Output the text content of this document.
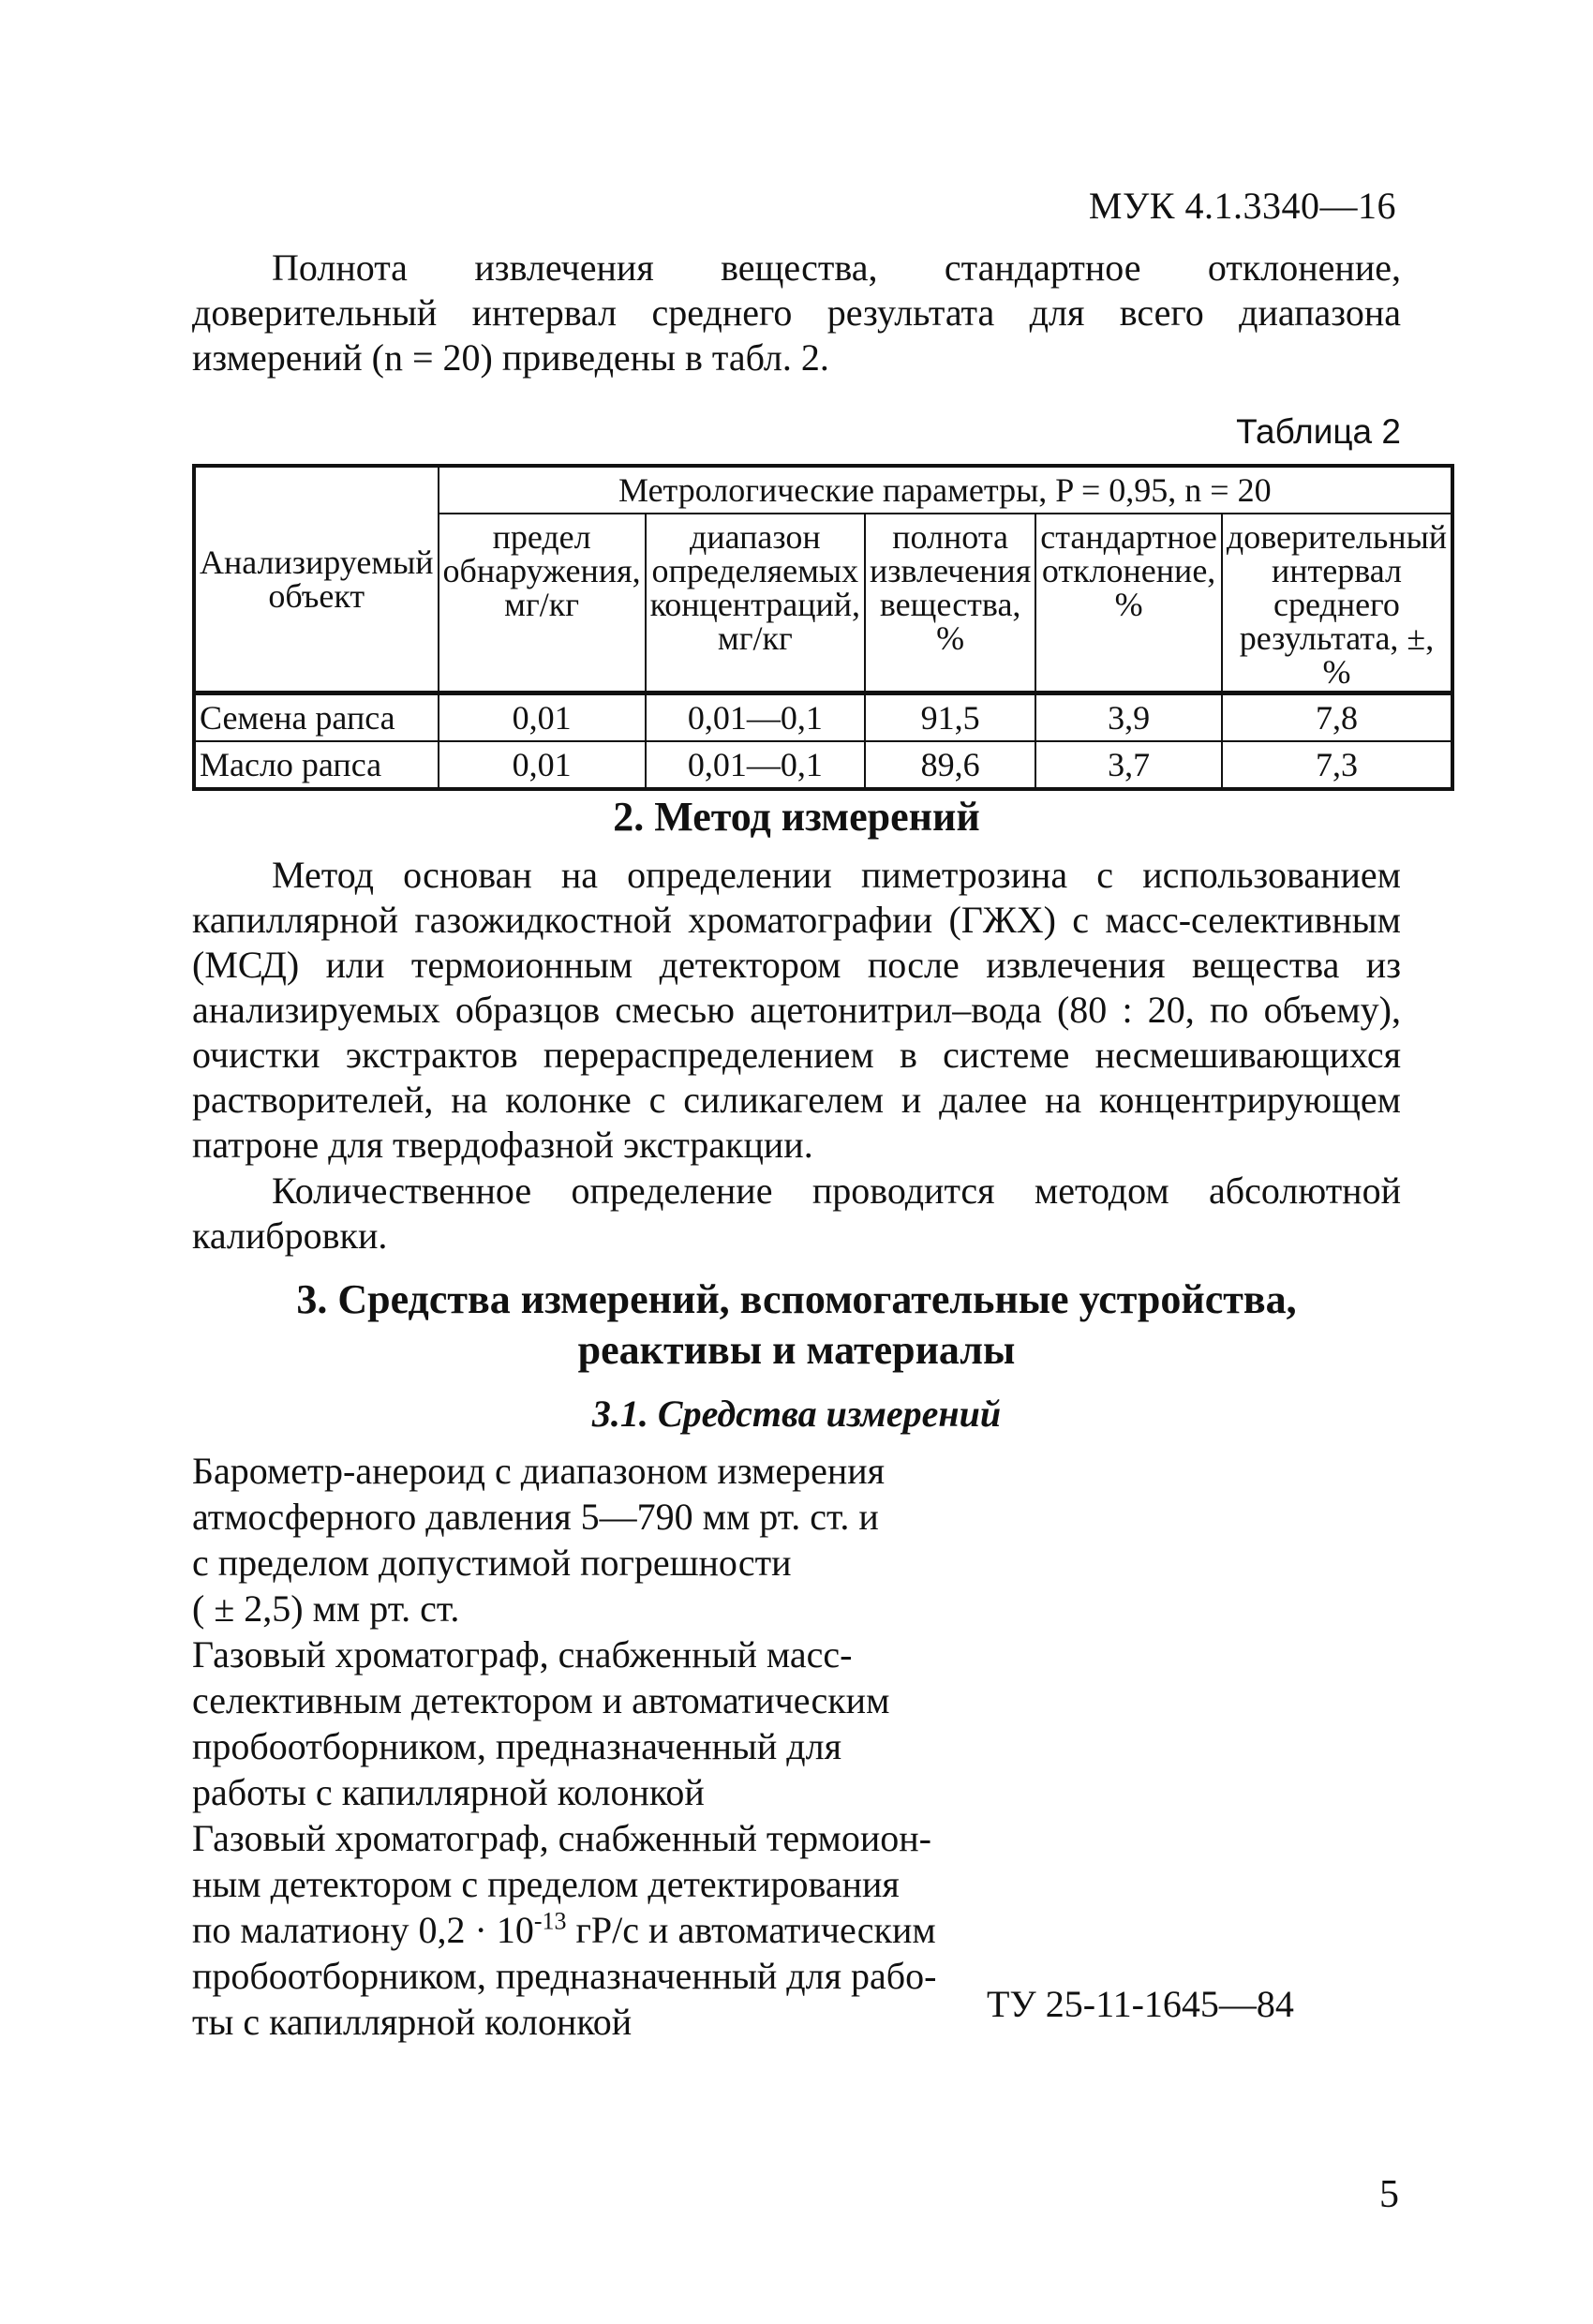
МУК 4.1.3340—16
Полнота извлечения вещества, стандартное отклонение, доверительный интервал среднего результата для всего диапазона измерений (n = 20) приведены в табл. 2.
Таблица 2
Анализируемый объект	Метрологические параметры, P = 0,95, n = 20				
	предел обнаружения, мг/кг	диапазон определяемых концентраций, мг/кг	полнота извлечения вещества, %	стандартное отклонение, %	доверительный интервал среднего результата, ±, %
Семена рапса	0,01	0,01—0,1	91,5	3,9	7,8
Масло рапса	0,01	0,01—0,1	89,6	3,7	7,3
2. Метод измерений
Метод основан на определении пиметрозина с использованием капиллярной газожидкостной хроматографии (ГЖХ) с масс-селективным (МСД) или термоионным детектором после извлечения вещества из анализируемых образцов смесью ацетонитрил–вода (80 : 20, по объему), очистки экстрактов перераспределением в системе несмешивающихся растворителей, на колонке с силикагелем и далее на концентрирующем патроне для твердофазной экстракции.
Количественное определение проводится методом абсолютной калибровки.
3. Средства измерений, вспомогательные устройства,
реактивы и материалы
3.1. Средства измерений
Барометр-анероид с диапазоном измерения
атмосферного давления 5—790 мм рт. ст. и
с пределом допустимой погрешности
( ± 2,5) мм рт. ст.
Газовый хроматограф, снабженный масс-
селективным детектором и автоматическим
пробоотборником, предназначенный для
работы с капиллярной колонкой
Газовый хроматограф, снабженный термоион-
ным детектором с пределом детектирования
по малатиону $0,2 \cdot 10^{-13}$ гР/с и автоматическим
пробоотборником, предназначенный для рабо-
ты с капиллярной колонкой	ТУ 25-11-1645—84
5
